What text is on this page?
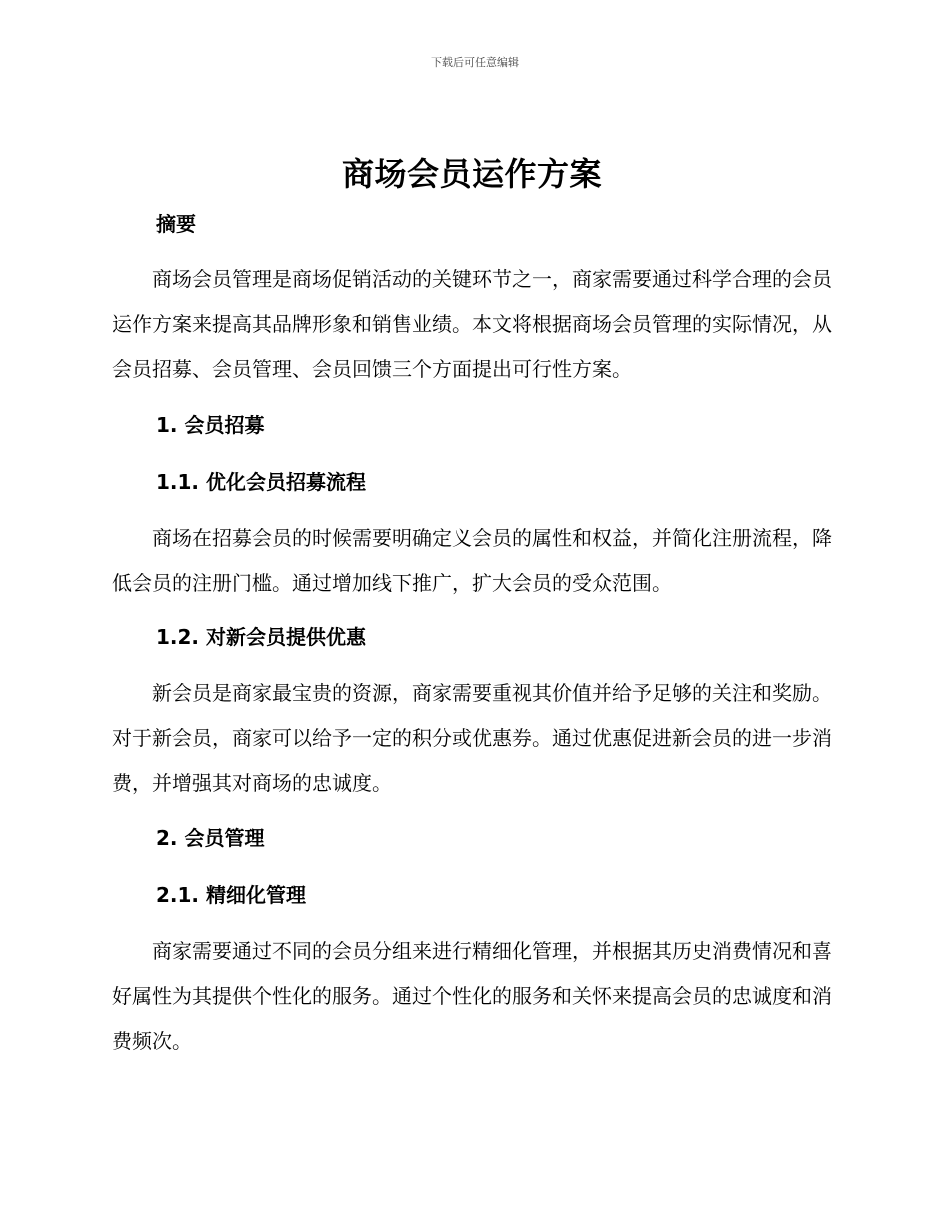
下载后可任意编辑
商场会员运作方案
摘要

商场会员管理是商场促销活动的关键环节之一，商家需要通过科学合理的会员运作方案来提高其品牌形象和销售业绩。本文将根据商场会员管理的实际情况，从会员招募、会员管理、会员回馈三个方面提出可行性方案。

1. 会员招募
1.1. 优化会员招募流程

商场在招募会员的时候需要明确定义会员的属性和权益，并简化注册流程，降低会员的注册门槛。通过增加线下推广，扩大会员的受众范围。

1.2. 对新会员提供优惠

新会员是商家最宝贵的资源，商家需要重视其价值并给予足够的关注和奖励。对于新会员，商家可以给予一定的积分或优惠券。通过优惠促进新会员的进一步消费，并增强其对商场的忠诚度。

2. 会员管理
2.1. 精细化管理

商家需要通过不同的会员分组来进行精细化管理，并根据其历史消费情况和喜好属性为其提供个性化的服务。通过个性化的服务和关怀来提高会员的忠诚度和消费频次。
